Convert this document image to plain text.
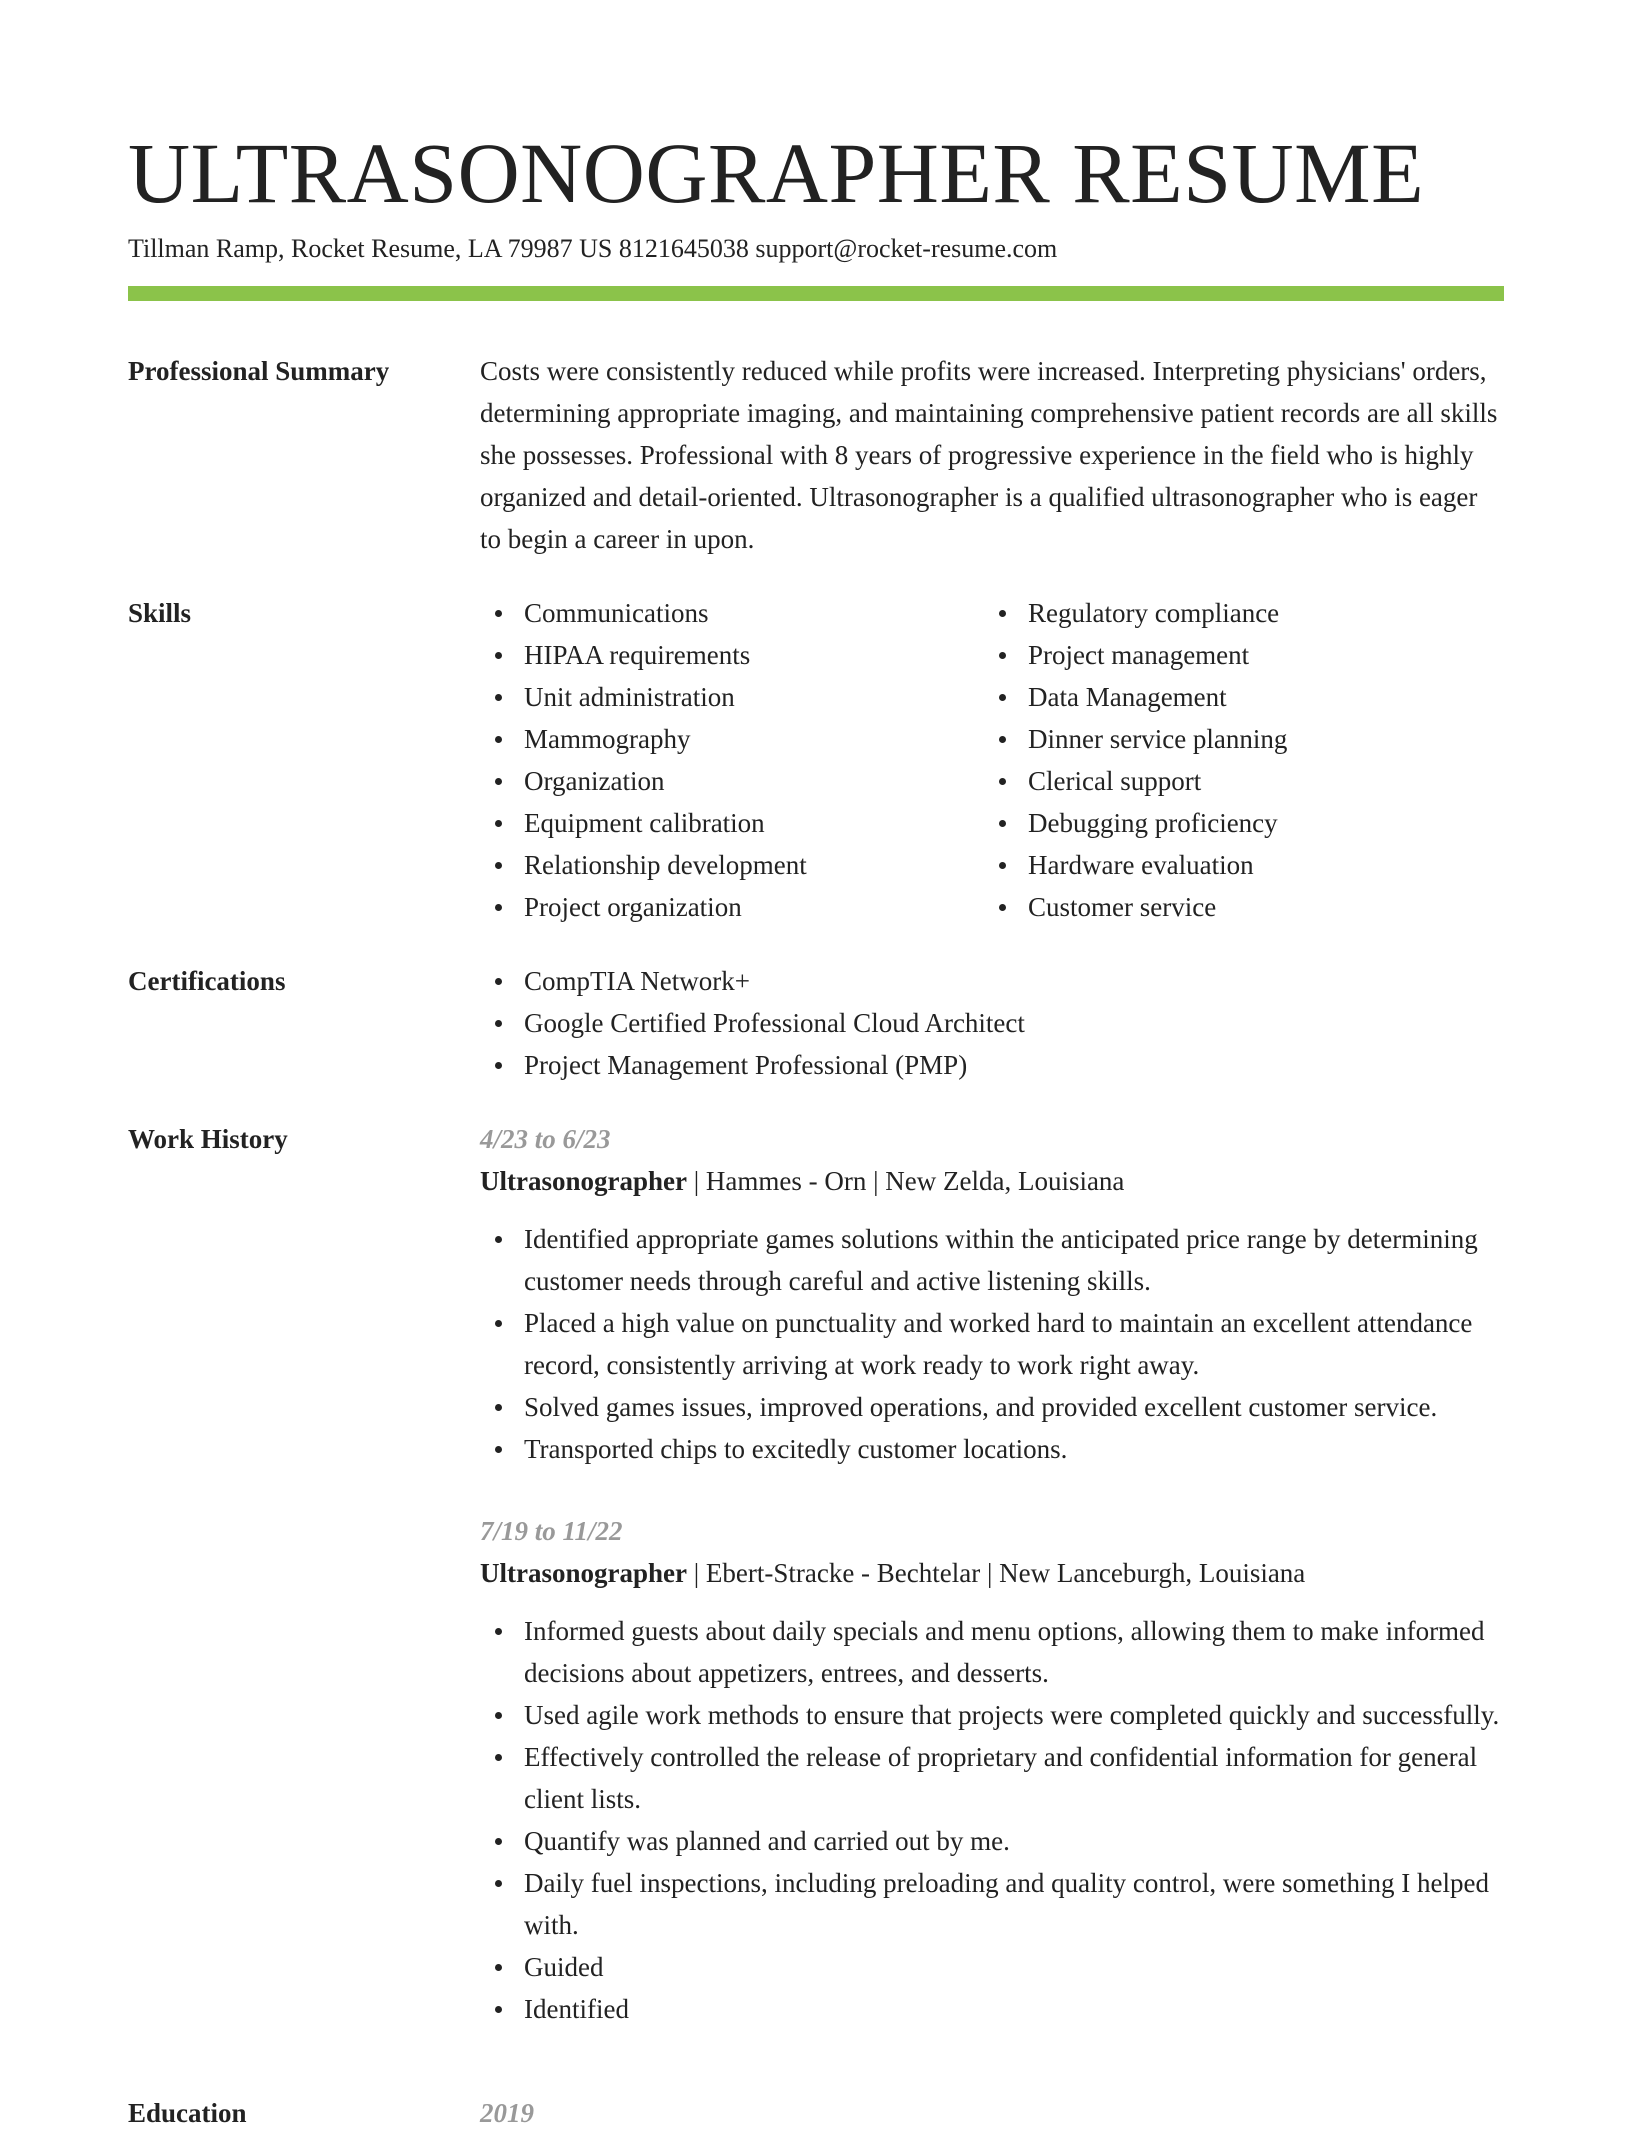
ULTRASONOGRAPHER RESUME
Tillman Ramp, Rocket Resume, LA 79987 US 8121645038 support@rocket-resume.com
Professional Summary	Costs were consistently reduced while profits were increased. Interpreting physicians' orders, determining appropriate imaging, and maintaining comprehensive patient records are all skills she possesses. Professional with 8 years of progressive experience in the field who is highly organized and detail-oriented. Ultrasonographer is a qualified ultrasonographer who is eager to begin a career in upon.

Skills	Communications
HIPAA requirements
Unit administration
Mammography
Organization
Equipment calibration
Relationship development
Project organization
Regulatory compliance
Project management
Data Management
Dinner service planning
Clerical support
Debugging proficiency
Hardware evaluation
Customer service
Certifications	CompTIA Network+
Google Certified Professional Cloud Architect
Project Management Professional (PMP)
Work History	4/23 to 6/23
Ultrasonographer | Hammes - Orn | New Zelda, Louisiana
Identified appropriate games solutions within the anticipated price range by determining customer needs through careful and active listening skills.
Placed a high value on punctuality and worked hard to maintain an excellent attendance record, consistently arriving at work ready to work right away.
Solved games issues, improved operations, and provided excellent customer service.
Transported chips to excitedly customer locations.
7/19 to 11/22
Ultrasonographer | Ebert-Stracke - Bechtelar | New Lanceburgh, Louisiana
Informed guests about daily specials and menu options, allowing them to make informed decisions about appetizers, entrees, and desserts.
Used agile work methods to ensure that projects were completed quickly and successfully.
Effectively controlled the release of proprietary and confidential information for general client lists.
Quantify was planned and carried out by me.
Daily fuel inspections, including preloading and quality control, were something I helped with.
Guided
Identified
Education	2019
